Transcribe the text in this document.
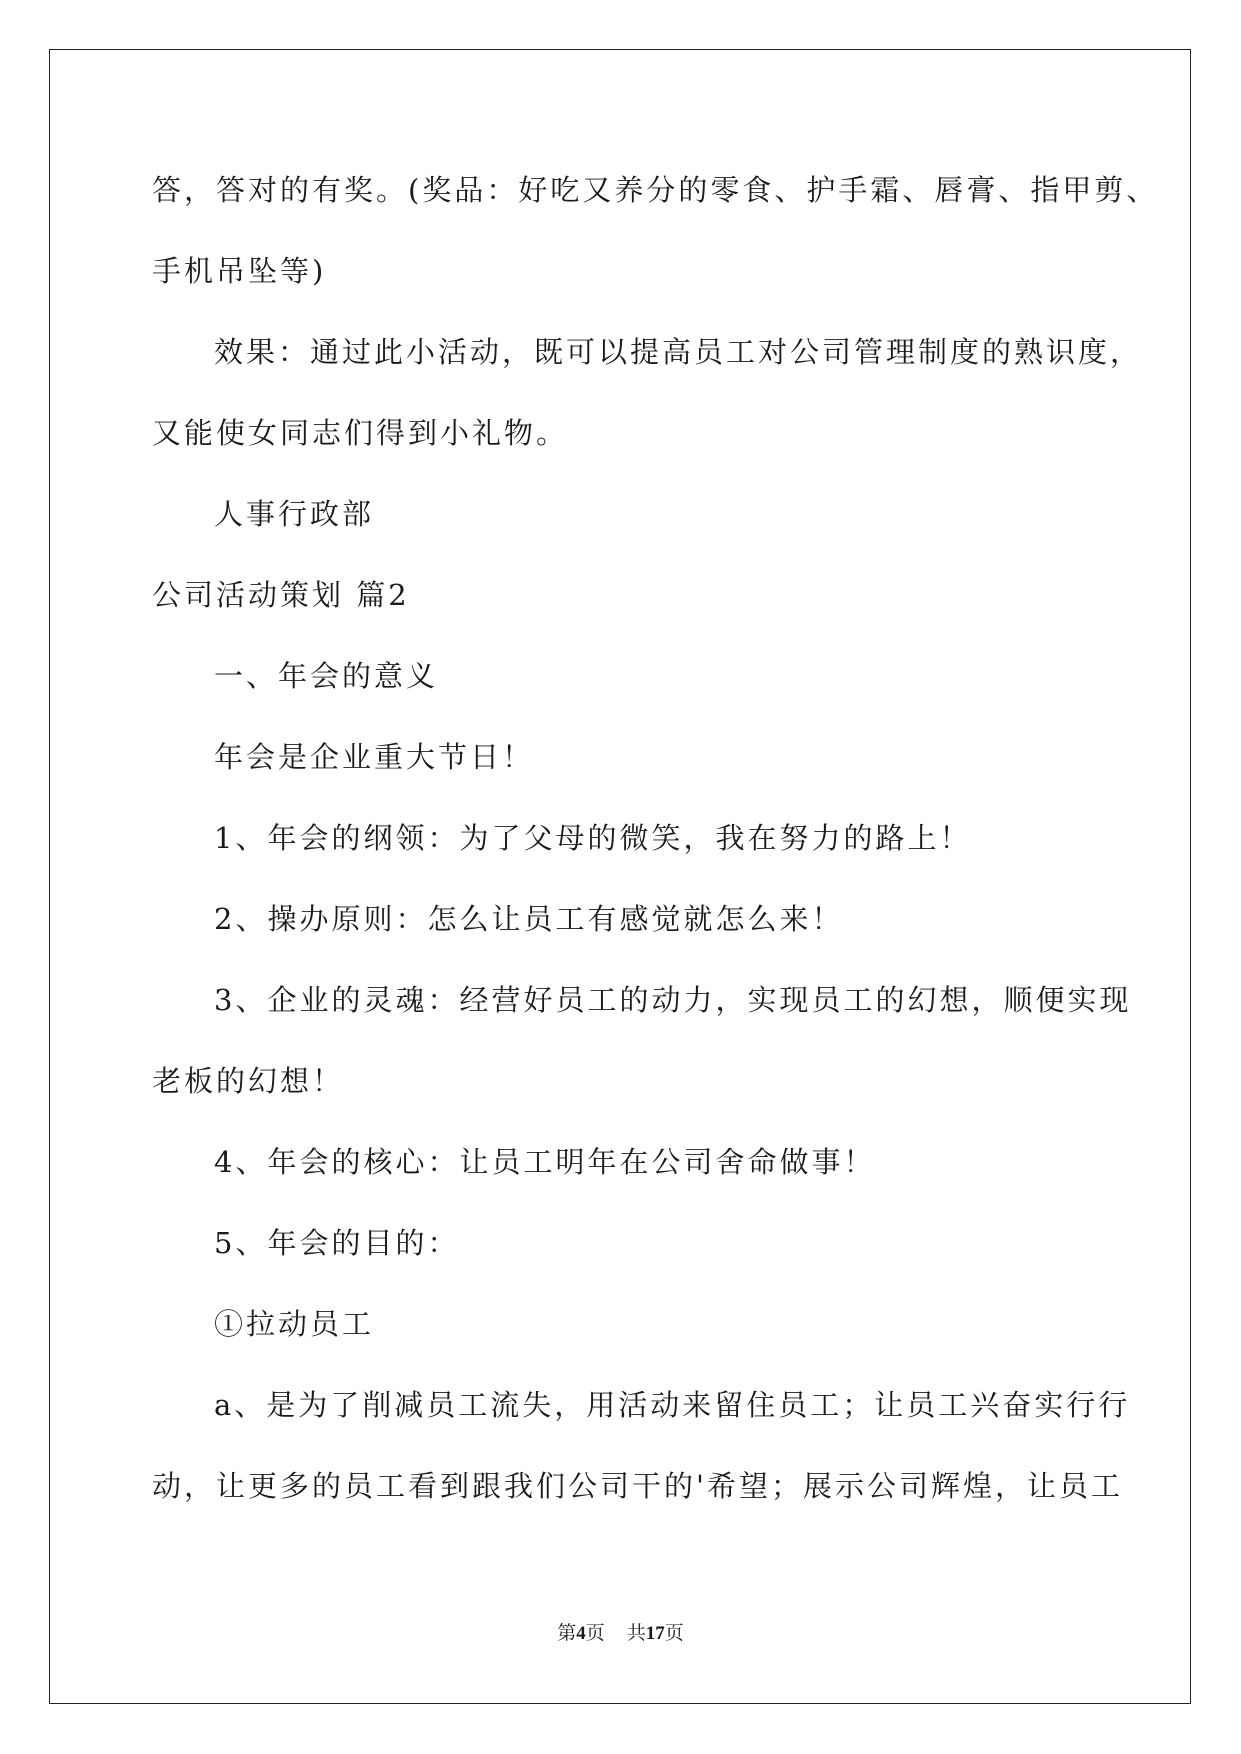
答，答对的有奖。(奖品：好吃又养分的零食、护手霜、唇膏、指甲剪、
手机吊坠等)
效果：通过此小活动，既可以提高员工对公司管理制度的熟识度，
又能使女同志们得到小礼物。
人事行政部
公司活动策划 篇2
一、年会的意义
年会是企业重大节日！
1、年会的纲领：为了父母的微笑，我在努力的路上！
2、操办原则：怎么让员工有感觉就怎么来！
3、企业的灵魂：经营好员工的动力，实现员工的幻想，顺便实现
老板的幻想！
4、年会的核心：让员工明年在公司舍命做事！
5、年会的目的：
①拉动员工
a、是为了削减员工流失，用活动来留住员工；让员工兴奋实行行
动，让更多的员工看到跟我们公司干的'希望；展示公司辉煌，让员工
第4页 共17页
